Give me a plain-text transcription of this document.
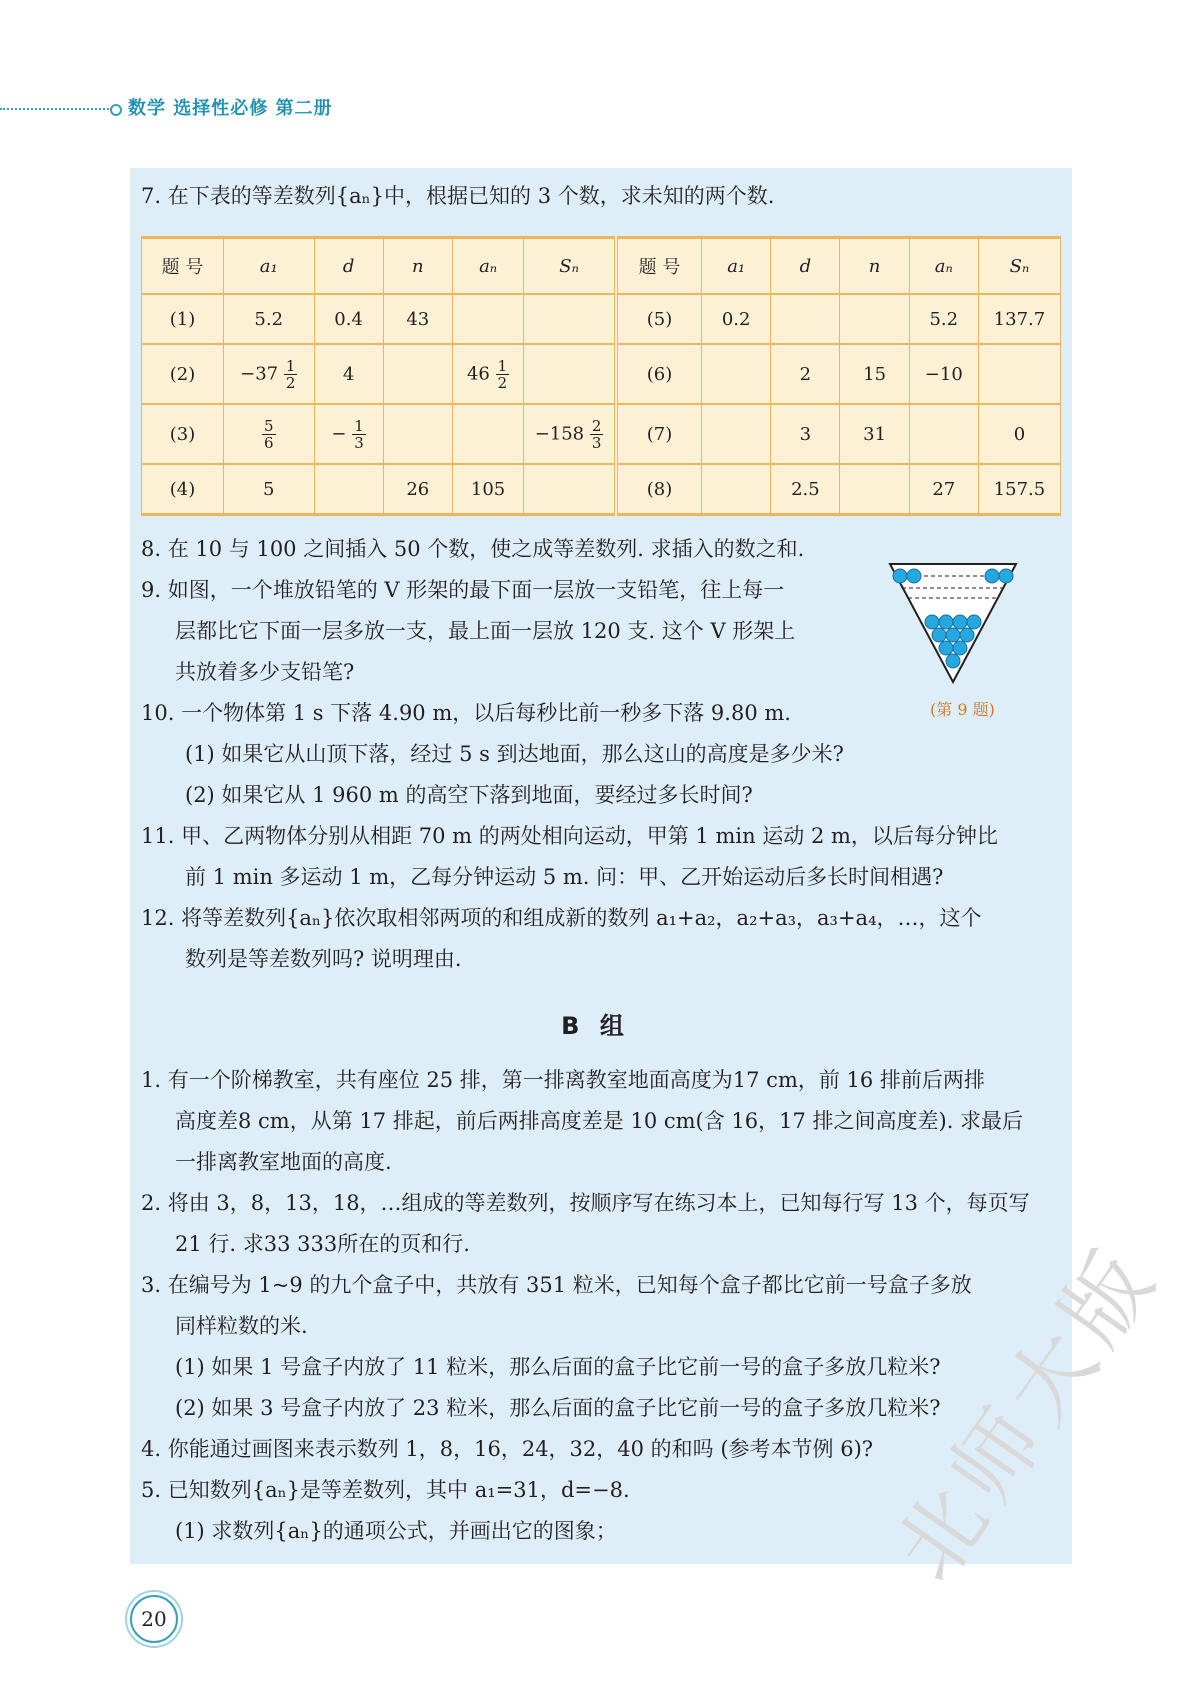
数学 选择性必修 第二册
7. 在下表的等差数列{aₙ}中，根据已知的 3 个数，求未知的两个数.
题 号	a₁	d	n	aₙ	Sₙ	题 号	a₁	d	n	aₙ	Sₙ
(1)	5.2	0.4	43			(5)	0.2			5.2	137.7
(2)	$-37 \frac{1}{2}$	4		$46 \frac{1}{2}$		(6)		2	15	−10	
(3)	$\frac{5}{6}$	− $\frac{1}{3}$			$-158 \frac{2}{3}$	(7)		3	31		0
(4)	5		26	105		(8)		2.5		27	157.5
8. 在 10 与 100 之间插入 50 个数，使之成等差数列. 求插入的数之和.
9. 如图，一个堆放铅笔的 V 形架的最下面一层放一支铅笔，往上每一
层都比它下面一层多放一支，最上面一层放 120 支. 这个 V 形架上
共放着多少支铅笔?
(第 9 题)
10. 一个物体第 1 s 下落 4.90 m，以后每秒比前一秒多下落 9.80 m.
(1) 如果它从山顶下落，经过 5 s 到达地面，那么这山的高度是多少米?
(2) 如果它从 1 960 m 的高空下落到地面，要经过多长时间?
11. 甲、乙两物体分别从相距 70 m 的两处相向运动，甲第 1 min 运动 2 m，以后每分钟比
前 1 min 多运动 1 m，乙每分钟运动 5 m. 问：甲、乙开始运动后多长时间相遇?
12. 将等差数列{aₙ}依次取相邻两项的和组成新的数列 a₁+a₂，a₂+a₃，a₃+a₄，…，这个
数列是等差数列吗? 说明理由.
B 组
1. 有一个阶梯教室，共有座位 25 排，第一排离教室地面高度为17 cm，前 16 排前后两排
高度差8 cm，从第 17 排起，前后两排高度差是 10 cm(含 16，17 排之间高度差). 求最后
一排离教室地面的高度.
2. 将由 3，8，13，18，…组成的等差数列，按顺序写在练习本上，已知每行写 13 个，每页写
21 行. 求33 333所在的页和行.
3. 在编号为 1~9 的九个盒子中，共放有 351 粒米，已知每个盒子都比它前一号盒子多放
同样粒数的米.
(1) 如果 1 号盒子内放了 11 粒米，那么后面的盒子比它前一号的盒子多放几粒米?
(2) 如果 3 号盒子内放了 23 粒米，那么后面的盒子比它前一号的盒子多放几粒米?
4. 你能通过画图来表示数列 1，8，16，24，32，40 的和吗 (参考本节例 6)?
5. 已知数列{aₙ}是等差数列，其中 a₁=31，d=−8.
(1) 求数列{aₙ}的通项公式，并画出它的图象；
20
北师大版
